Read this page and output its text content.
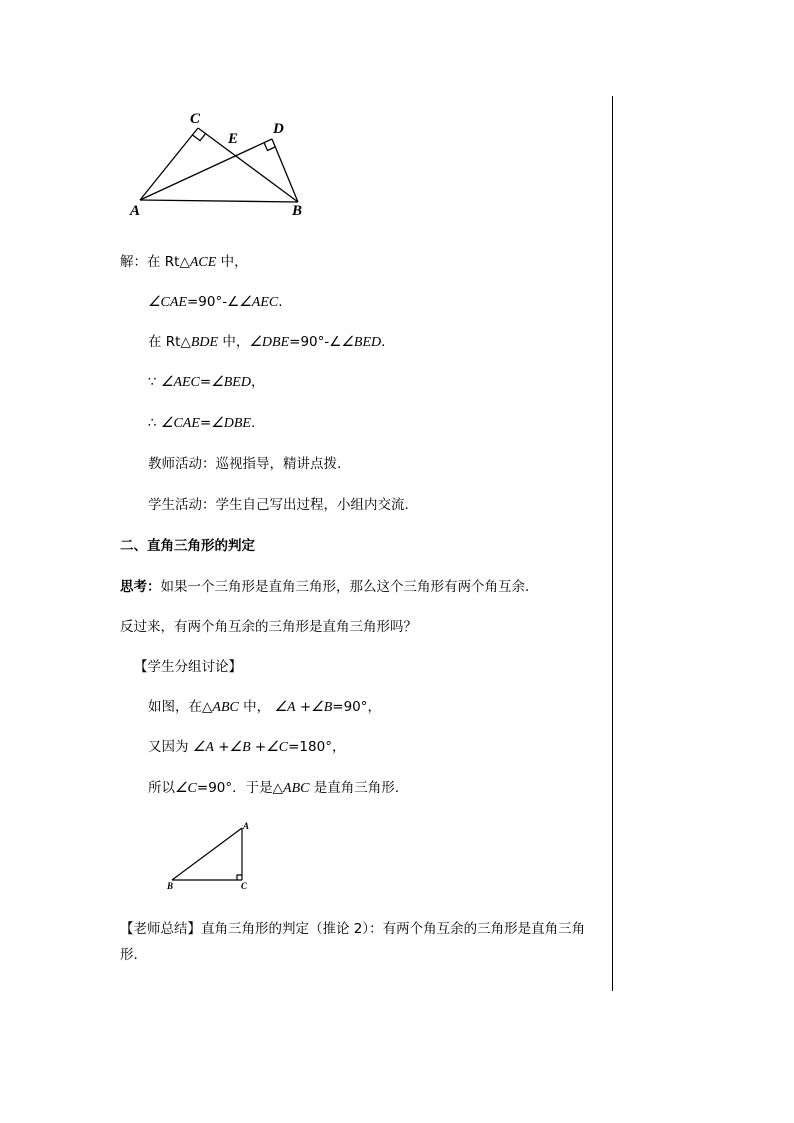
C
D
E
A	B
解：在 Rt△ACE 中，
∠CAE=90°-∠∠AEC.
在 Rt△BDE 中，∠DBE=90°-∠∠BED.
∵ ∠AEC=∠BED，
∴ ∠CAE=∠DBE.
教师活动：巡视指导，精讲点拨.
学生活动：学生自己写出过程，小组内交流.
二、直角三角形的判定
思考：如果一个三角形是直角三角形，那么这个三角形有两个角互余.
反过来，有两个角互余的三角形是直角三角形吗？
【学生分组讨论】
如图，在△ABC 中， ∠A +∠B=90°，
又因为 ∠A +∠B +∠C=180°，
所以∠C=90°．于是△ABC 是直角三角形.
A
B	C
【老师总结】直角三角形的判定（推论 2）：有两个角互余的三角形是直角三角
形.
